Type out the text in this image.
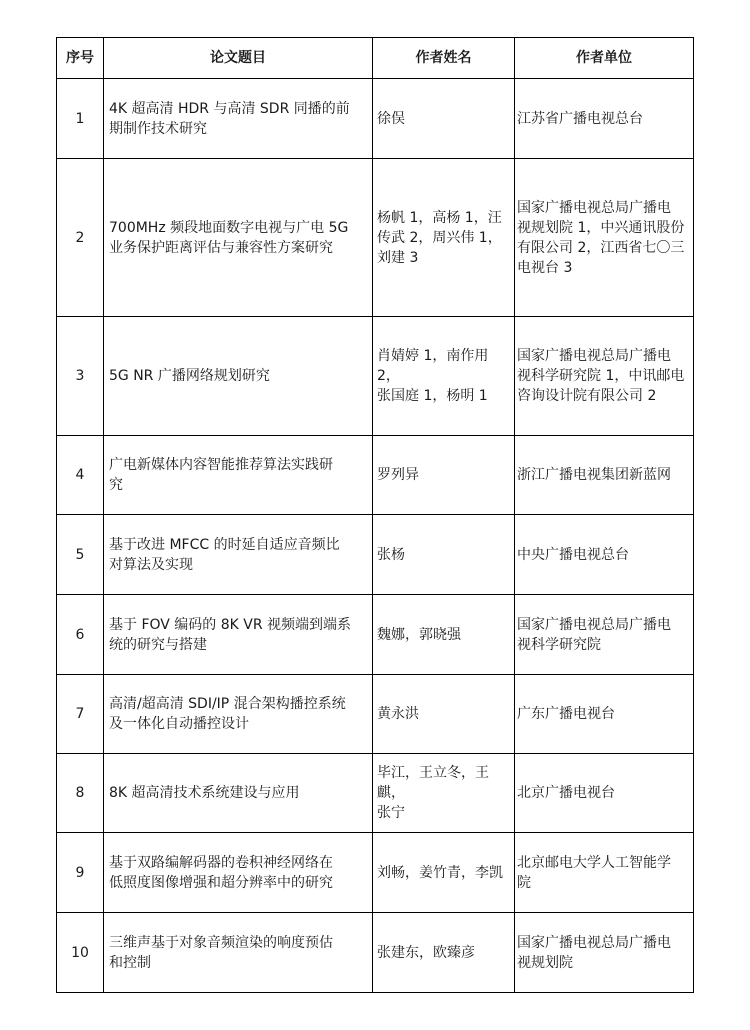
序号	论文题目	作者姓名	作者单位

1	4K 超高清 HDR 与高清 SDR 同播的前
期制作技术研究	徐俣	江苏省广播电视总台

2	700MHz 频段地面数字电视与广电 5G
业务保护距离评估与兼容性方案研究	杨帆 1，高杨 1，汪
传武 2，周兴伟 1，
刘建 3	国家广播电视总局广播电
视规划院 1，中兴通讯股份
有限公司 2，江西省七〇三
电视台 3

3	5G NR 广播网络规划研究	肖婧婷 1，南作用 2，
张国庭 1，杨明 1	国家广播电视总局广播电
视科学研究院 1，中讯邮电
咨询设计院有限公司 2

4	广电新媒体内容智能推荐算法实践研
究	罗列异	浙江广播电视集团新蓝网

5	基于改进 MFCC 的时延自适应音频比
对算法及实现	张杨	中央广播电视总台

6	基于 FOV 编码的 8K VR 视频端到端系
统的研究与搭建	魏娜，郭晓强	国家广播电视总局广播电
视科学研究院

7	高清/超高清 SDI/IP 混合架构播控系统
及一体化自动播控设计	黄永洪	广东广播电视台

8	8K 超高清技术系统建设与应用	毕江，王立冬，王麒，
张宁	北京广播电视台

9	基于双路编解码器的卷积神经网络在
低照度图像增强和超分辨率中的研究	刘畅，姜竹青，李凯	北京邮电大学人工智能学
院

10	三维声基于对象音频渲染的响度预估
和控制	张建东，欧臻彦	国家广播电视总局广播电
视规划院
